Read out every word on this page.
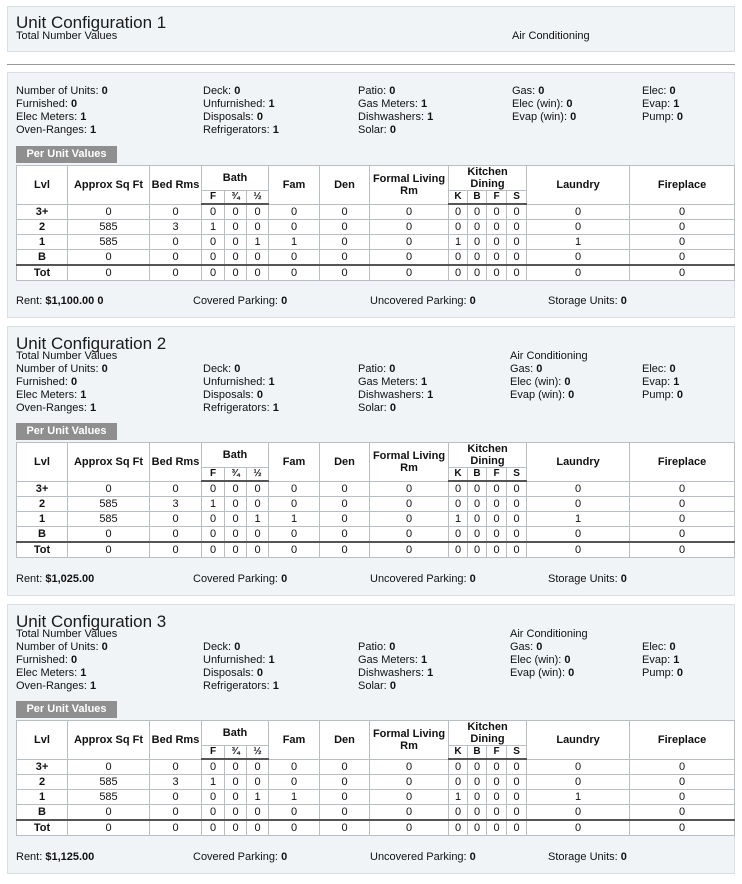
Unit Configuration 1
Total Number Values	Air Conditioning
Number of Units: 0
Furnished: 0
Elec Meters: 1
Oven-Ranges: 1
Deck: 0
Unfurnished: 1
Disposals: 0
Refrigerators: 1
Patio: 0
Gas Meters: 1
Dishwashers: 1
Solar: 0
Gas: 0
Elec (win): 0
Evap (win): 0
Elec: 0
Evap: 1
Pump: 0
Per Unit Values
Lvl	Approx Sq Ft	Bed Rms	Bath			Fam	Den	Formal Living Rm	Kitchen Dining				Laundry	Fireplace
			F	¾	½				K	B	F	S		
3+	0	0	0	0	0	0	0	0	0	0	0	0	0	0
2	585	3	1	0	0	0	0	0	0	0	0	0	0	0
1	585	0	0	0	1	1	0	0	1	0	0	0	1	0
B	0	0	0	0	0	0	0	0	0	0	0	0	0	0
Tot	0	0	0	0	0	0	0	0	0	0	0	0	0	0
Rent: $1,100.00 0	Covered Parking: 0	Uncovered Parking: 0	Storage Units: 0
Unit Configuration 2
Total Number Values	Air Conditioning
Number of Units: 0
Furnished: 0
Elec Meters: 1
Oven-Ranges: 1
Deck: 0
Unfurnished: 1
Disposals: 0
Refrigerators: 1
Patio: 0
Gas Meters: 1
Dishwashers: 1
Solar: 0
Gas: 0
Elec (win): 0
Evap (win): 0
Elec: 0
Evap: 1
Pump: 0
Per Unit Values
Lvl	Approx Sq Ft	Bed Rms	Bath			Fam	Den	Formal Living Rm	Kitchen Dining				Laundry	Fireplace
			F	¾	½				K	B	F	S		
3+	0	0	0	0	0	0	0	0	0	0	0	0	0	0
2	585	3	1	0	0	0	0	0	0	0	0	0	0	0
1	585	0	0	0	1	1	0	0	1	0	0	0	1	0
B	0	0	0	0	0	0	0	0	0	0	0	0	0	0
Tot	0	0	0	0	0	0	0	0	0	0	0	0	0	0
Rent: $1,025.00	Covered Parking: 0	Uncovered Parking: 0	Storage Units: 0
Unit Configuration 3
Total Number Values	Air Conditioning
Number of Units: 0
Furnished: 0
Elec Meters: 1
Oven-Ranges: 1
Deck: 0
Unfurnished: 1
Disposals: 0
Refrigerators: 1
Patio: 0
Gas Meters: 1
Dishwashers: 1
Solar: 0
Gas: 0
Elec (win): 0
Evap (win): 0
Elec: 0
Evap: 1
Pump: 0
Per Unit Values
Lvl	Approx Sq Ft	Bed Rms	Bath			Fam	Den	Formal Living Rm	Kitchen Dining				Laundry	Fireplace
			F	¾	½				K	B	F	S		
3+	0	0	0	0	0	0	0	0	0	0	0	0	0	0
2	585	3	1	0	0	0	0	0	0	0	0	0	0	0
1	585	0	0	0	1	1	0	0	1	0	0	0	1	0
B	0	0	0	0	0	0	0	0	0	0	0	0	0	0
Tot	0	0	0	0	0	0	0	0	0	0	0	0	0	0
Rent: $1,125.00	Covered Parking: 0	Uncovered Parking: 0	Storage Units: 0
